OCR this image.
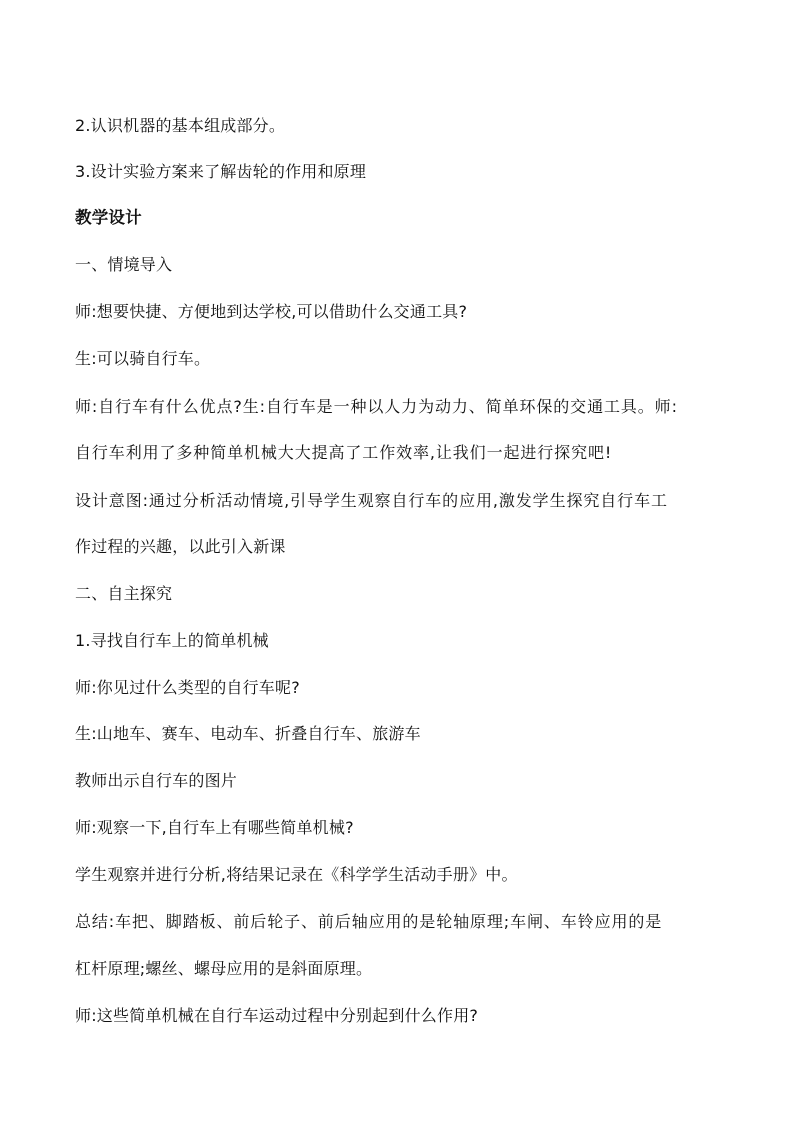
2.认识机器的基本组成部分。
3.设计实验方案来了解齿轮的作用和原理
教学设计
一、情境导入
师:想要快捷、方便地到达学校,可以借助什么交通工具?
生:可以骑自行车。
师:自行车有什么优点?生:自行车是一种以人力为动力、简单环保的交通工具。师:
自行车利用了多种简单机械大大提高了工作效率,让我们一起进行探究吧!
设计意图:通过分析活动情境,引导学生观察自行车的应用,激发学生探究自行车工
作过程的兴趣，以此引入新课
二、自主探究
1.寻找自行车上的简单机械
师:你见过什么类型的自行车呢?
生:山地车、赛车、电动车、折叠自行车、旅游车
教师出示自行车的图片
师:观察一下,自行车上有哪些简单机械?
学生观察并进行分析,将结果记录在《科学学生活动手册》中。
总结:车把、脚踏板、前后轮子、前后轴应用的是轮轴原理;车闸、车铃应用的是
杠杆原理;螺丝、螺母应用的是斜面原理。
师:这些简单机械在自行车运动过程中分别起到什么作用?
